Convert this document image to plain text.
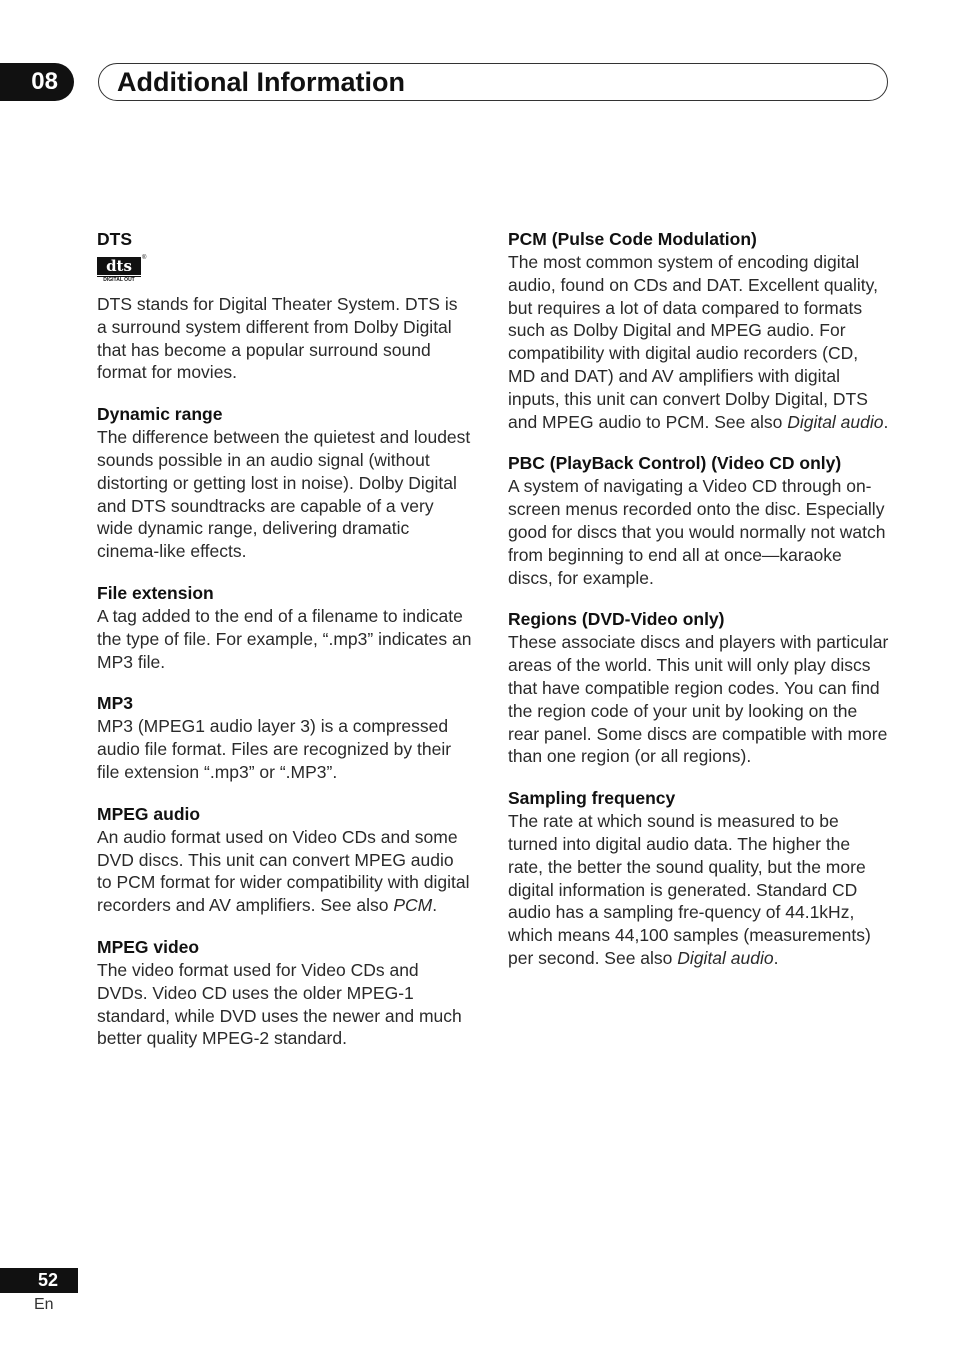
08	Additional Information

DTS

dts
DIGITAL OUT
®

DTS stands for Digital Theater System. DTS is a surround system different from Dolby Digital that has become a popular surround sound format for movies.

Dynamic range

The difference between the quietest and loudest sounds possible in an audio signal (without distorting or getting lost in noise). Dolby Digital and DTS soundtracks are capable of a very wide dynamic range, delivering dramatic cinema-like effects.

File extension

A tag added to the end of a filename to indicate the type of file. For example, “.mp3” indicates an MP3 file.

MP3

MP3 (MPEG1 audio layer 3) is a compressed audio file format. Files are recognized by their file extension “.mp3” or “.MP3”.

MPEG audio

An audio format used on Video CDs and some DVD discs. This unit can convert MPEG audio to PCM format for wider compatibility with digital recorders and AV amplifiers. See also PCM.

MPEG video

The video format used for Video CDs and DVDs. Video CD uses the older MPEG-1 standard, while DVD uses the newer and much better quality MPEG-2 standard.

PCM (Pulse Code Modulation)

The most common system of encoding digital audio, found on CDs and DAT. Excellent quality, but requires a lot of data compared to formats such as Dolby Digital and MPEG audio. For compatibility with digital audio recorders (CD, MD and DAT) and AV amplifiers with digital inputs, this unit can convert Dolby Digital, DTS and MPEG audio to PCM. See also Digital audio.

PBC (PlayBack Control) (Video CD only)

A system of navigating a Video CD through on-screen menus recorded onto the disc. Especially good for discs that you would normally not watch from beginning to end all at once—karaoke discs, for example.

Regions (DVD-Video only)

These associate discs and players with particular areas of the world. This unit will only play discs that have compatible region codes. You can find the region code of your unit by looking on the rear panel. Some discs are compatible with more than one region (or all regions).

Sampling frequency

The rate at which sound is measured to be turned into digital audio data. The higher the rate, the better the sound quality, but the more digital information is generated. Standard CD audio has a sampling fre-quency of 44.1kHz, which means 44,100 samples (measurements) per second. See also Digital audio.

52
En
